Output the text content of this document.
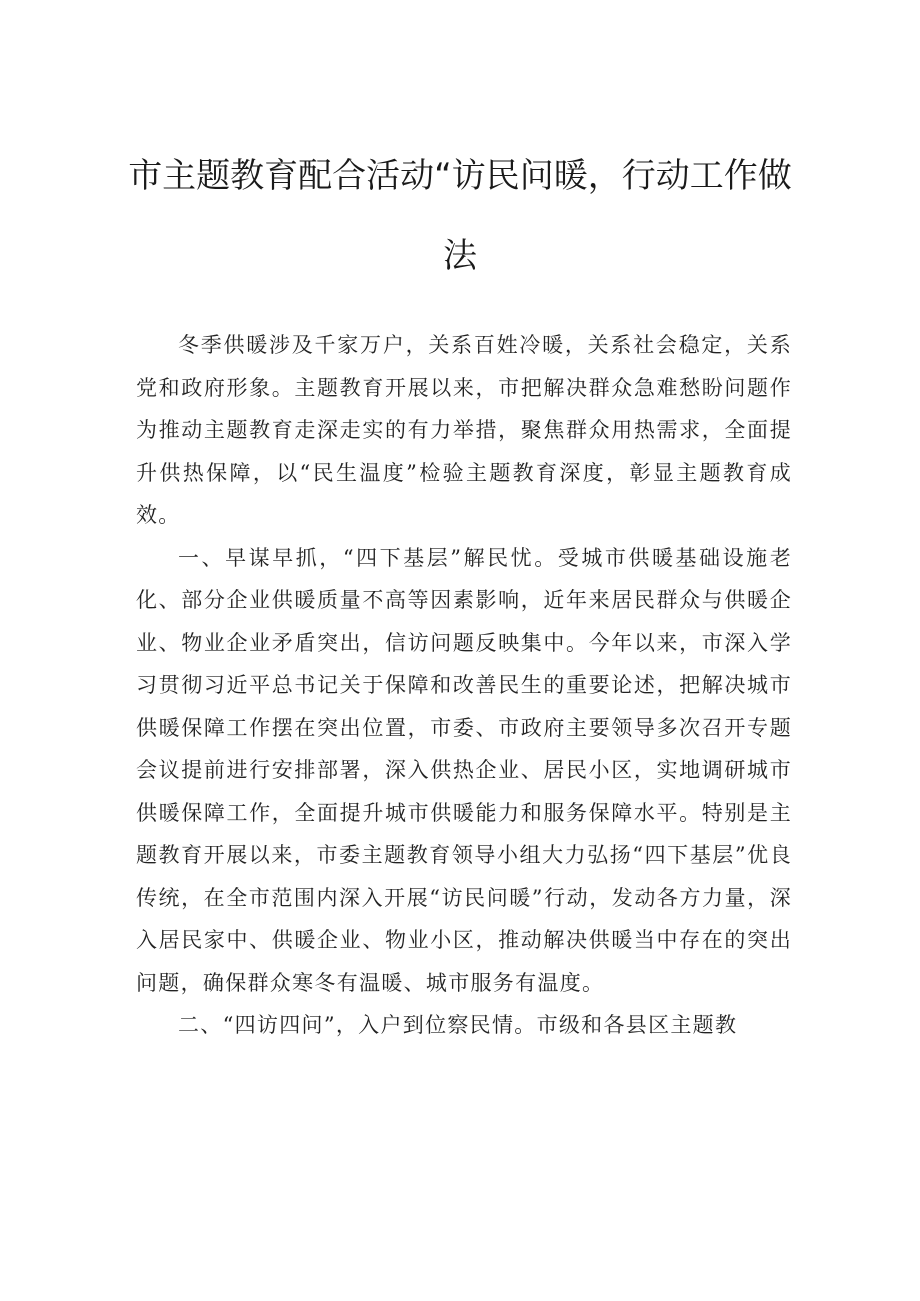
市主题教育配合活动“访民问暖，行动工作做
法

冬季供暖涉及千家万户，关系百姓冷暖，关系社会稳定，关系党和政府形象。主题教育开展以来，市把解决群众急难愁盼问题作为推动主题教育走深走实的有力举措，聚焦群众用热需求，全面提升供热保障，以“民生温度”检验主题教育深度，彰显主题教育成效。

一、早谋早抓，“四下基层”解民忧。受城市供暖基础设施老化、部分企业供暖质量不高等因素影响，近年来居民群众与供暖企业、物业企业矛盾突出，信访问题反映集中。今年以来，市深入学习贯彻习近平总书记关于保障和改善民生的重要论述，把解决城市供暖保障工作摆在突出位置，市委、市政府主要领导多次召开专题会议提前进行安排部署，深入供热企业、居民小区，实地调研城市供暖保障工作，全面提升城市供暖能力和服务保障水平。特别是主题教育开展以来，市委主题教育领导小组大力弘扬“四下基层”优良传统，在全市范围内深入开展“访民问暖”行动，发动各方力量，深入居民家中、供暖企业、物业小区，推动解决供暖当中存在的突出问题，确保群众寒冬有温暖、城市服务有温度。

二、“四访四问”，入户到位察民情。市级和各县区主题教
